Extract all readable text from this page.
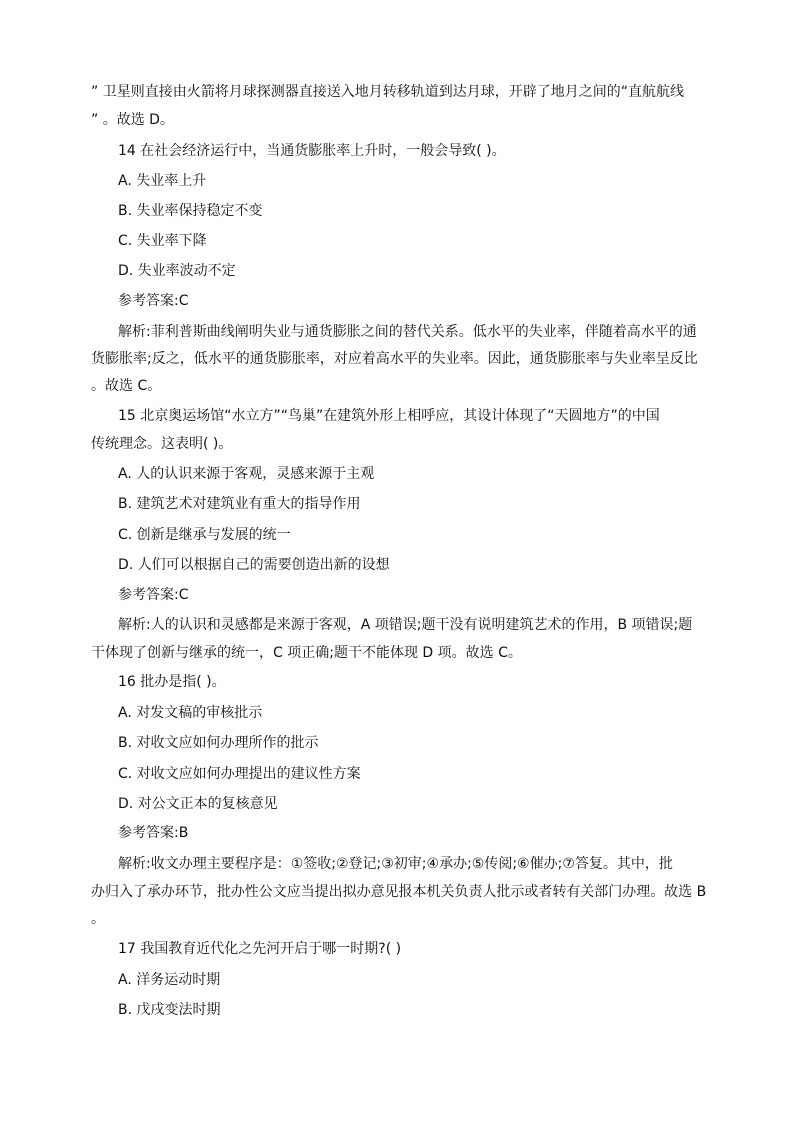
” 卫星则直接由火箭将月球探测器直接送入地月转移轨道到达月球，开辟了地月之间的“直航航线
” 。故选 D。
14 在社会经济运行中，当通货膨胀率上升时，一般会导致( )。
A. 失业率上升
B. 失业率保持稳定不变
C. 失业率下降
D. 失业率波动不定
参考答案:C
解析:菲利普斯曲线阐明失业与通货膨胀之间的替代关系。低水平的失业率，伴随着高水平的通
货膨胀率;反之，低水平的通货膨胀率，对应着高水平的失业率。因此，通货膨胀率与失业率呈反比
。故选 C。
15 北京奥运场馆“水立方”“鸟巢”在建筑外形上相呼应，其设计体现了“天圆地方”的中国
传统理念。这表明( )。
A. 人的认识来源于客观，灵感来源于主观
B. 建筑艺术对建筑业有重大的指导作用
C. 创新是继承与发展的统一
D. 人们可以根据自己的需要创造出新的设想
参考答案:C
解析:人的认识和灵感都是来源于客观，A 项错误;题干没有说明建筑艺术的作用，B 项错误;题
干体现了创新与继承的统一，C 项正确;题干不能体现 D 项。故选 C。
16 批办是指( )。
A. 对发文稿的审核批示
B. 对收文应如何办理所作的批示
C. 对收文应如何办理提出的建议性方案
D. 对公文正本的复核意见
参考答案:B
解析:收文办理主要程序是：①签收;②登记;③初审;④承办;⑤传阅;⑥催办;⑦答复。其中，批
办归入了承办环节，批办性公文应当提出拟办意见报本机关负责人批示或者转有关部门办理。故选 B
。
17 我国教育近代化之先河开启于哪一时期?( )
A. 洋务运动时期
B. 戊戌变法时期
